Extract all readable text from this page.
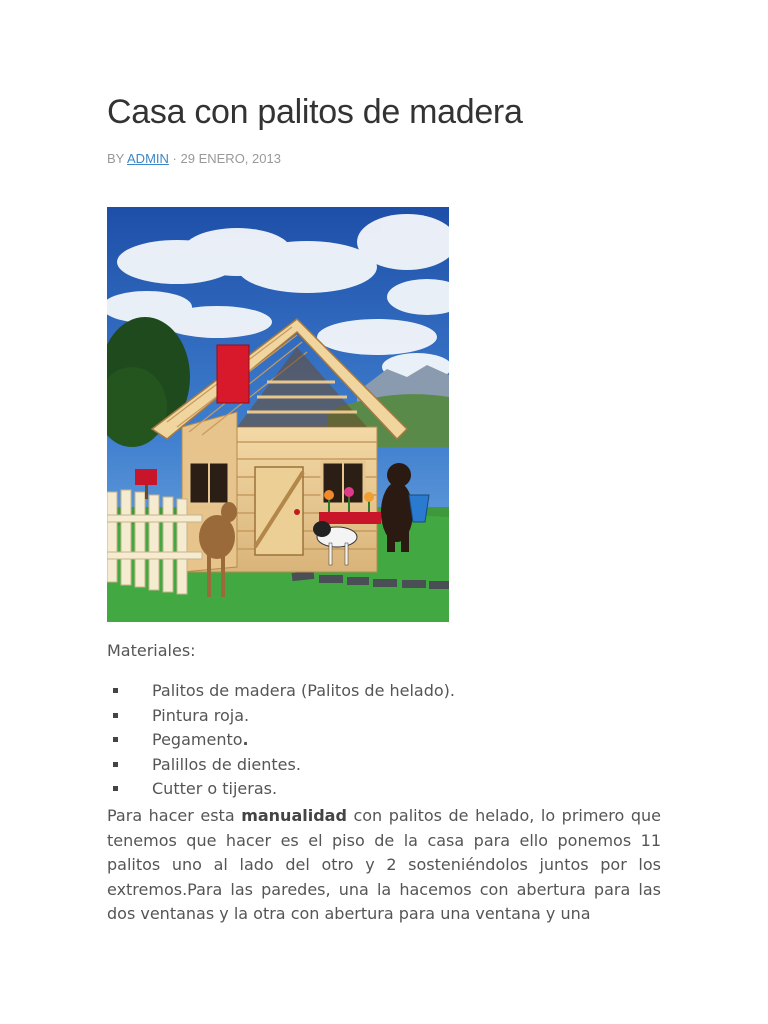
Casa con palitos de madera
BY ADMIN · 29 ENERO, 2013
Materiales:
Palitos de madera (Palitos de helado).
Pintura roja.
Pegamento.
Palillos de dientes.
Cutter o tijeras.

Para hacer esta manualidad con palitos de helado, lo primero que tenemos que hacer es el piso de la casa para ello ponemos 11 palitos uno al lado del otro y 2 sosteniéndolos juntos por los extremos.Para las paredes, una la hacemos con abertura para las dos ventanas y la otra con abertura para una ventana y una
